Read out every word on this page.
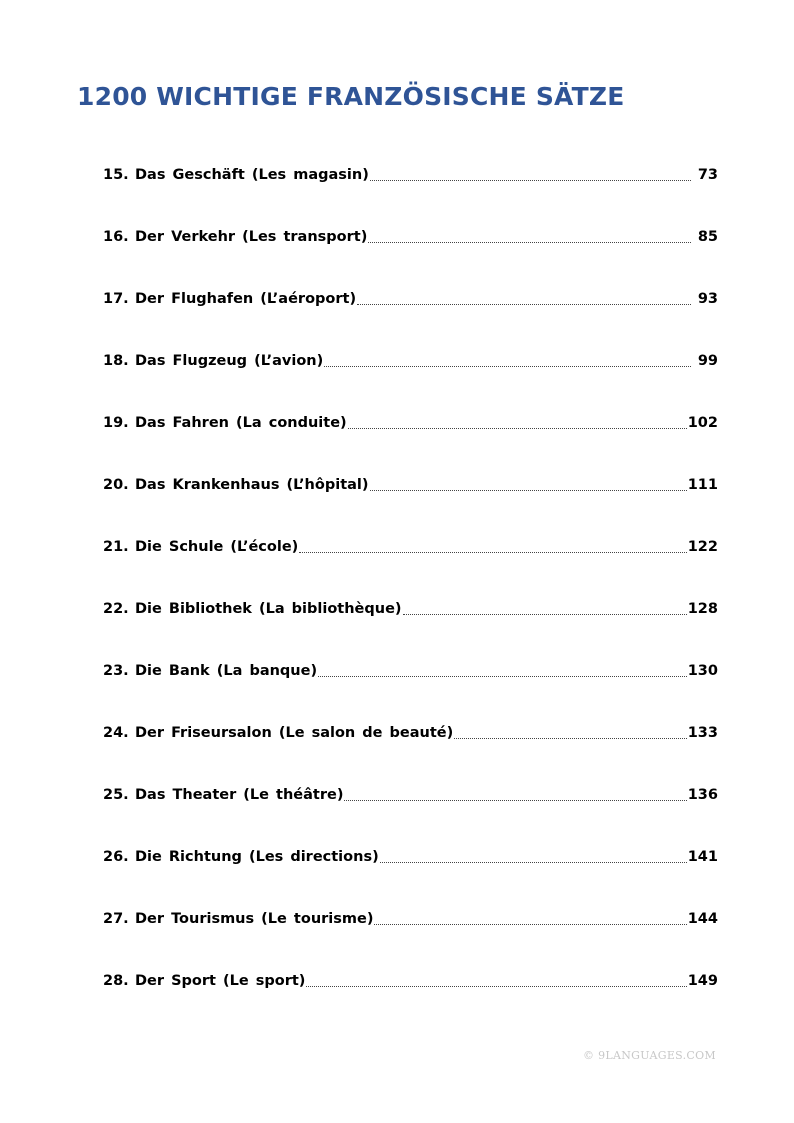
1200 WICHTIGE FRANZÖSISCHE SÄTZE
15. Das Geschäft (Les magasin)	73
16. Der Verkehr (Les transport)	85
17. Der Flughafen (L’aéroport)	93
18. Das Flugzeug (L’avion)	99
19. Das Fahren (La conduite)	102
20. Das Krankenhaus (L’hôpital)	111
21. Die Schule (L’école)	122
22. Die Bibliothek (La bibliothèque)	128
23. Die Bank (La banque)	130
24. Der Friseursalon (Le salon de beauté)	133
25. Das Theater (Le théâtre)	136
26. Die Richtung (Les directions)	141
27. Der Tourismus (Le tourisme)	144
28. Der Sport (Le sport)	149
© 9LANGUAGES.COM
